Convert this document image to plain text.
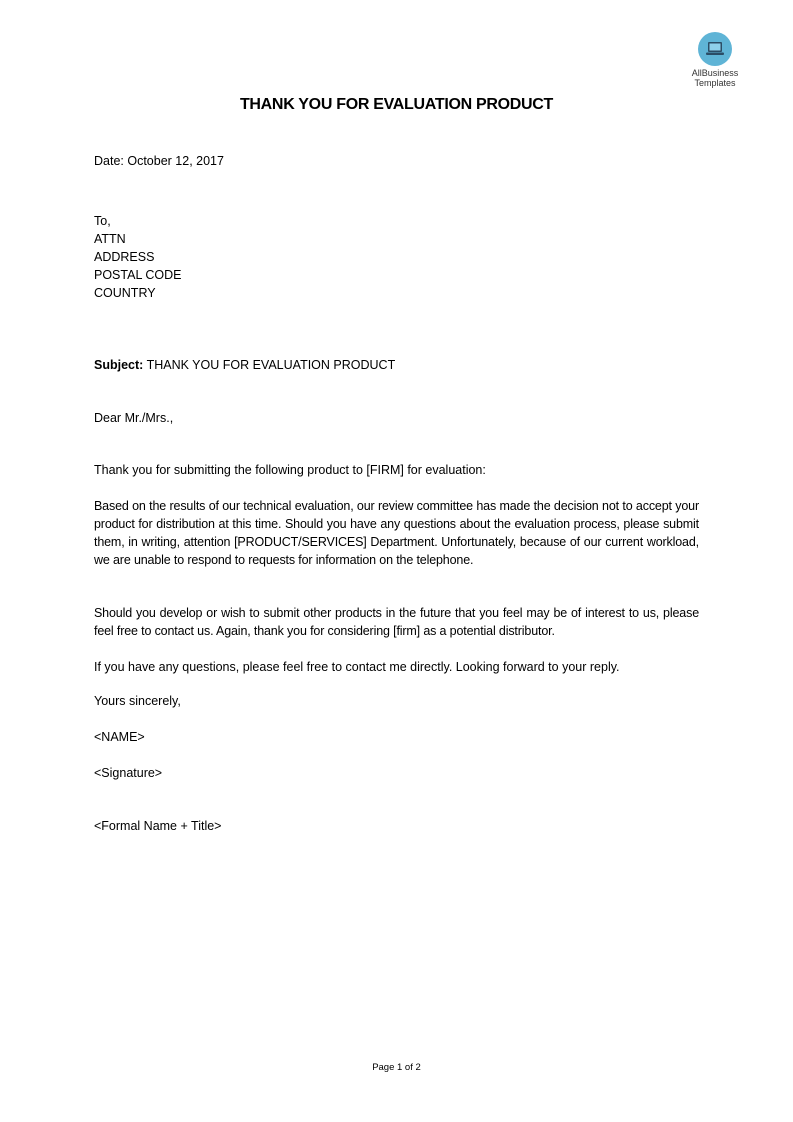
AllBusiness
Templates
THANK YOU FOR EVALUATION PRODUCT
Date: October 12, 2017
To,
ATTN
ADDRESS
POSTAL CODE
COUNTRY
Subject: THANK YOU FOR EVALUATION PRODUCT
Dear Mr./Mrs.,
Thank you for submitting the following product to [FIRM] for evaluation:
Based on the results of our technical evaluation, our review committee has made the decision not to accept your product for distribution at this time. Should you have any questions about the evaluation process, please submit them, in writing, attention [PRODUCT/SERVICES] Department. Unfortunately, because of our current workload, we are unable to respond to requests for information on the telephone.
Should you develop or wish to submit other products in the future that you feel may be of interest to us, please feel free to contact us. Again, thank you for considering [firm] as a potential distributor.
If you have any questions, please feel free to contact me directly. Looking forward to your reply.
Yours sincerely,
<NAME>
<Signature>
<Formal Name + Title>
Page 1 of 2
